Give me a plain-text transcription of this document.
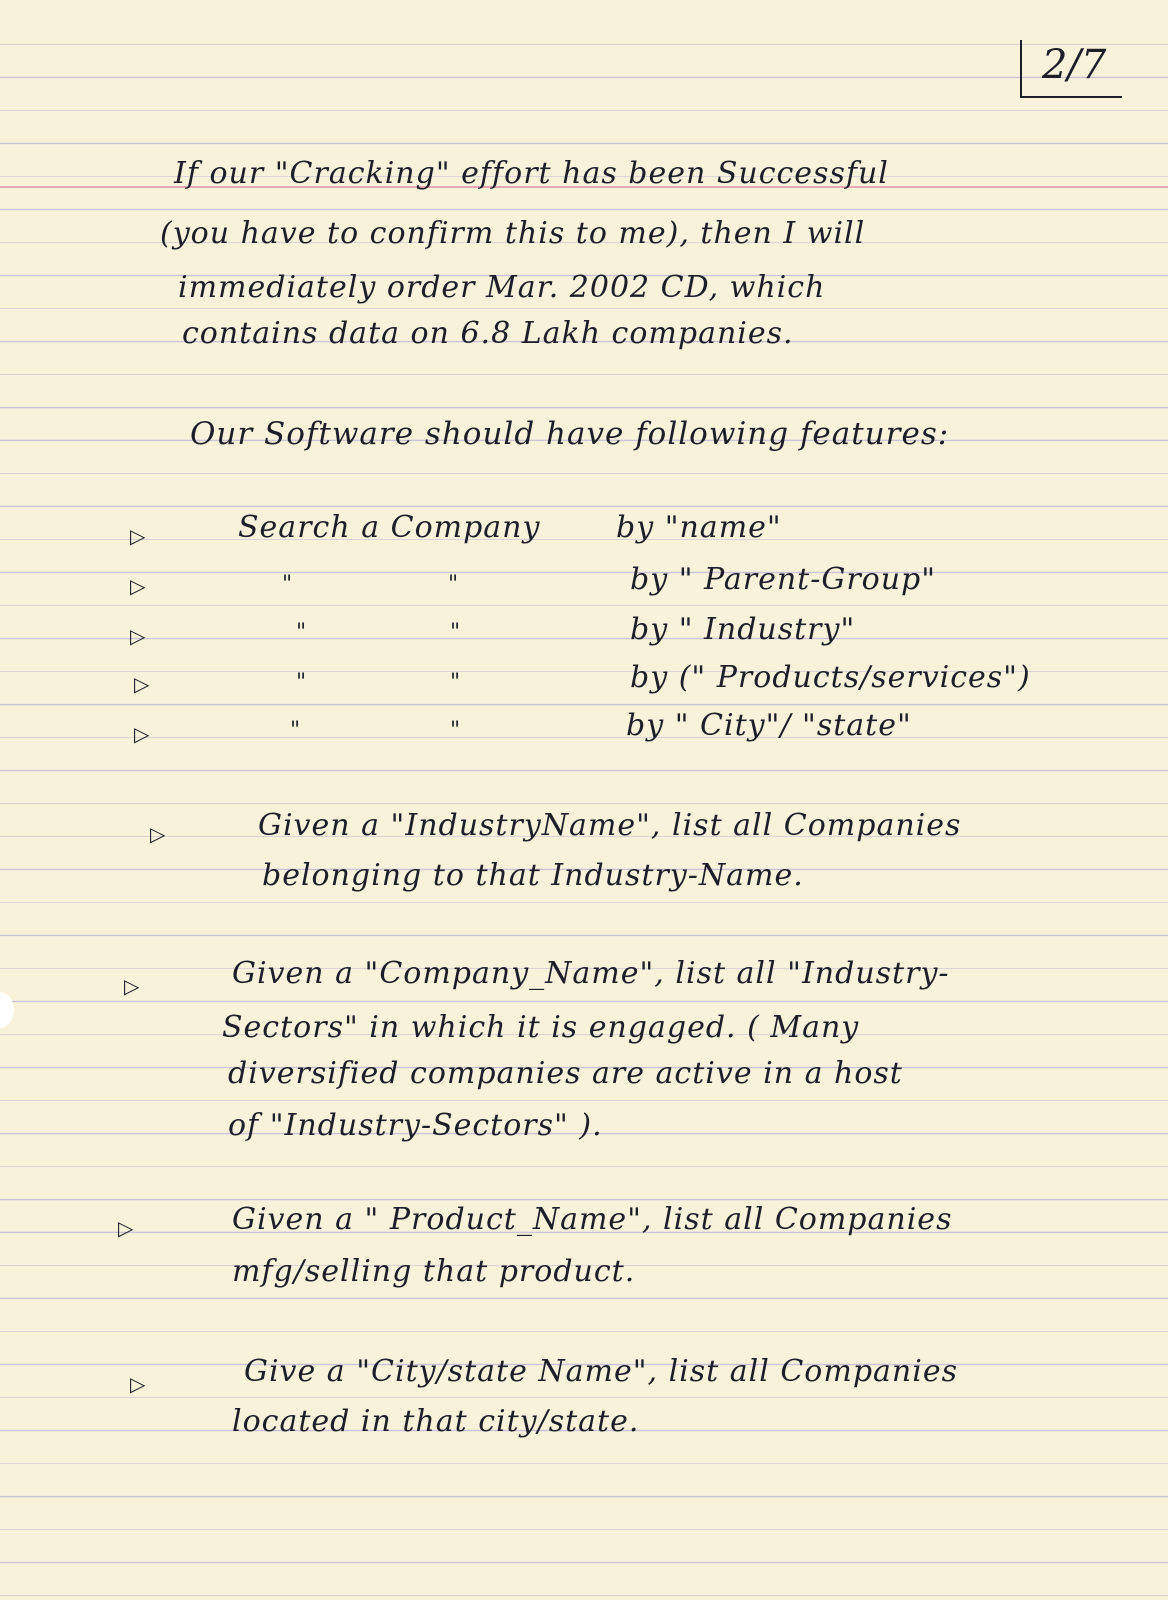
2/7
If our "Cracking" effort has been Successful
(you have to confirm this to me), then I will
immediately order Mar. 2002 CD, which
contains data on 6.8 Lakh companies.
Our Software should have following features:
▷	Search a Company	by "name"
▷	"	"	by " Parent-Group"
▷	"	"	by " Industry"
▷	"	"	by (" Products/services")
▷	"	"	by " City"/ "state"
▷	Given a "IndustryName", list all Companies
belonging to that Industry-Name.
▷	Given a "Company_Name", list all "Industry-
Sectors" in which it is engaged. ( Many
diversified companies are active in a host
of "Industry-Sectors" ).
▷	Given a " Product_Name", list all Companies
mfg/selling that product.
▷	Give a "City/state Name", list all Companies
located in that city/state.
